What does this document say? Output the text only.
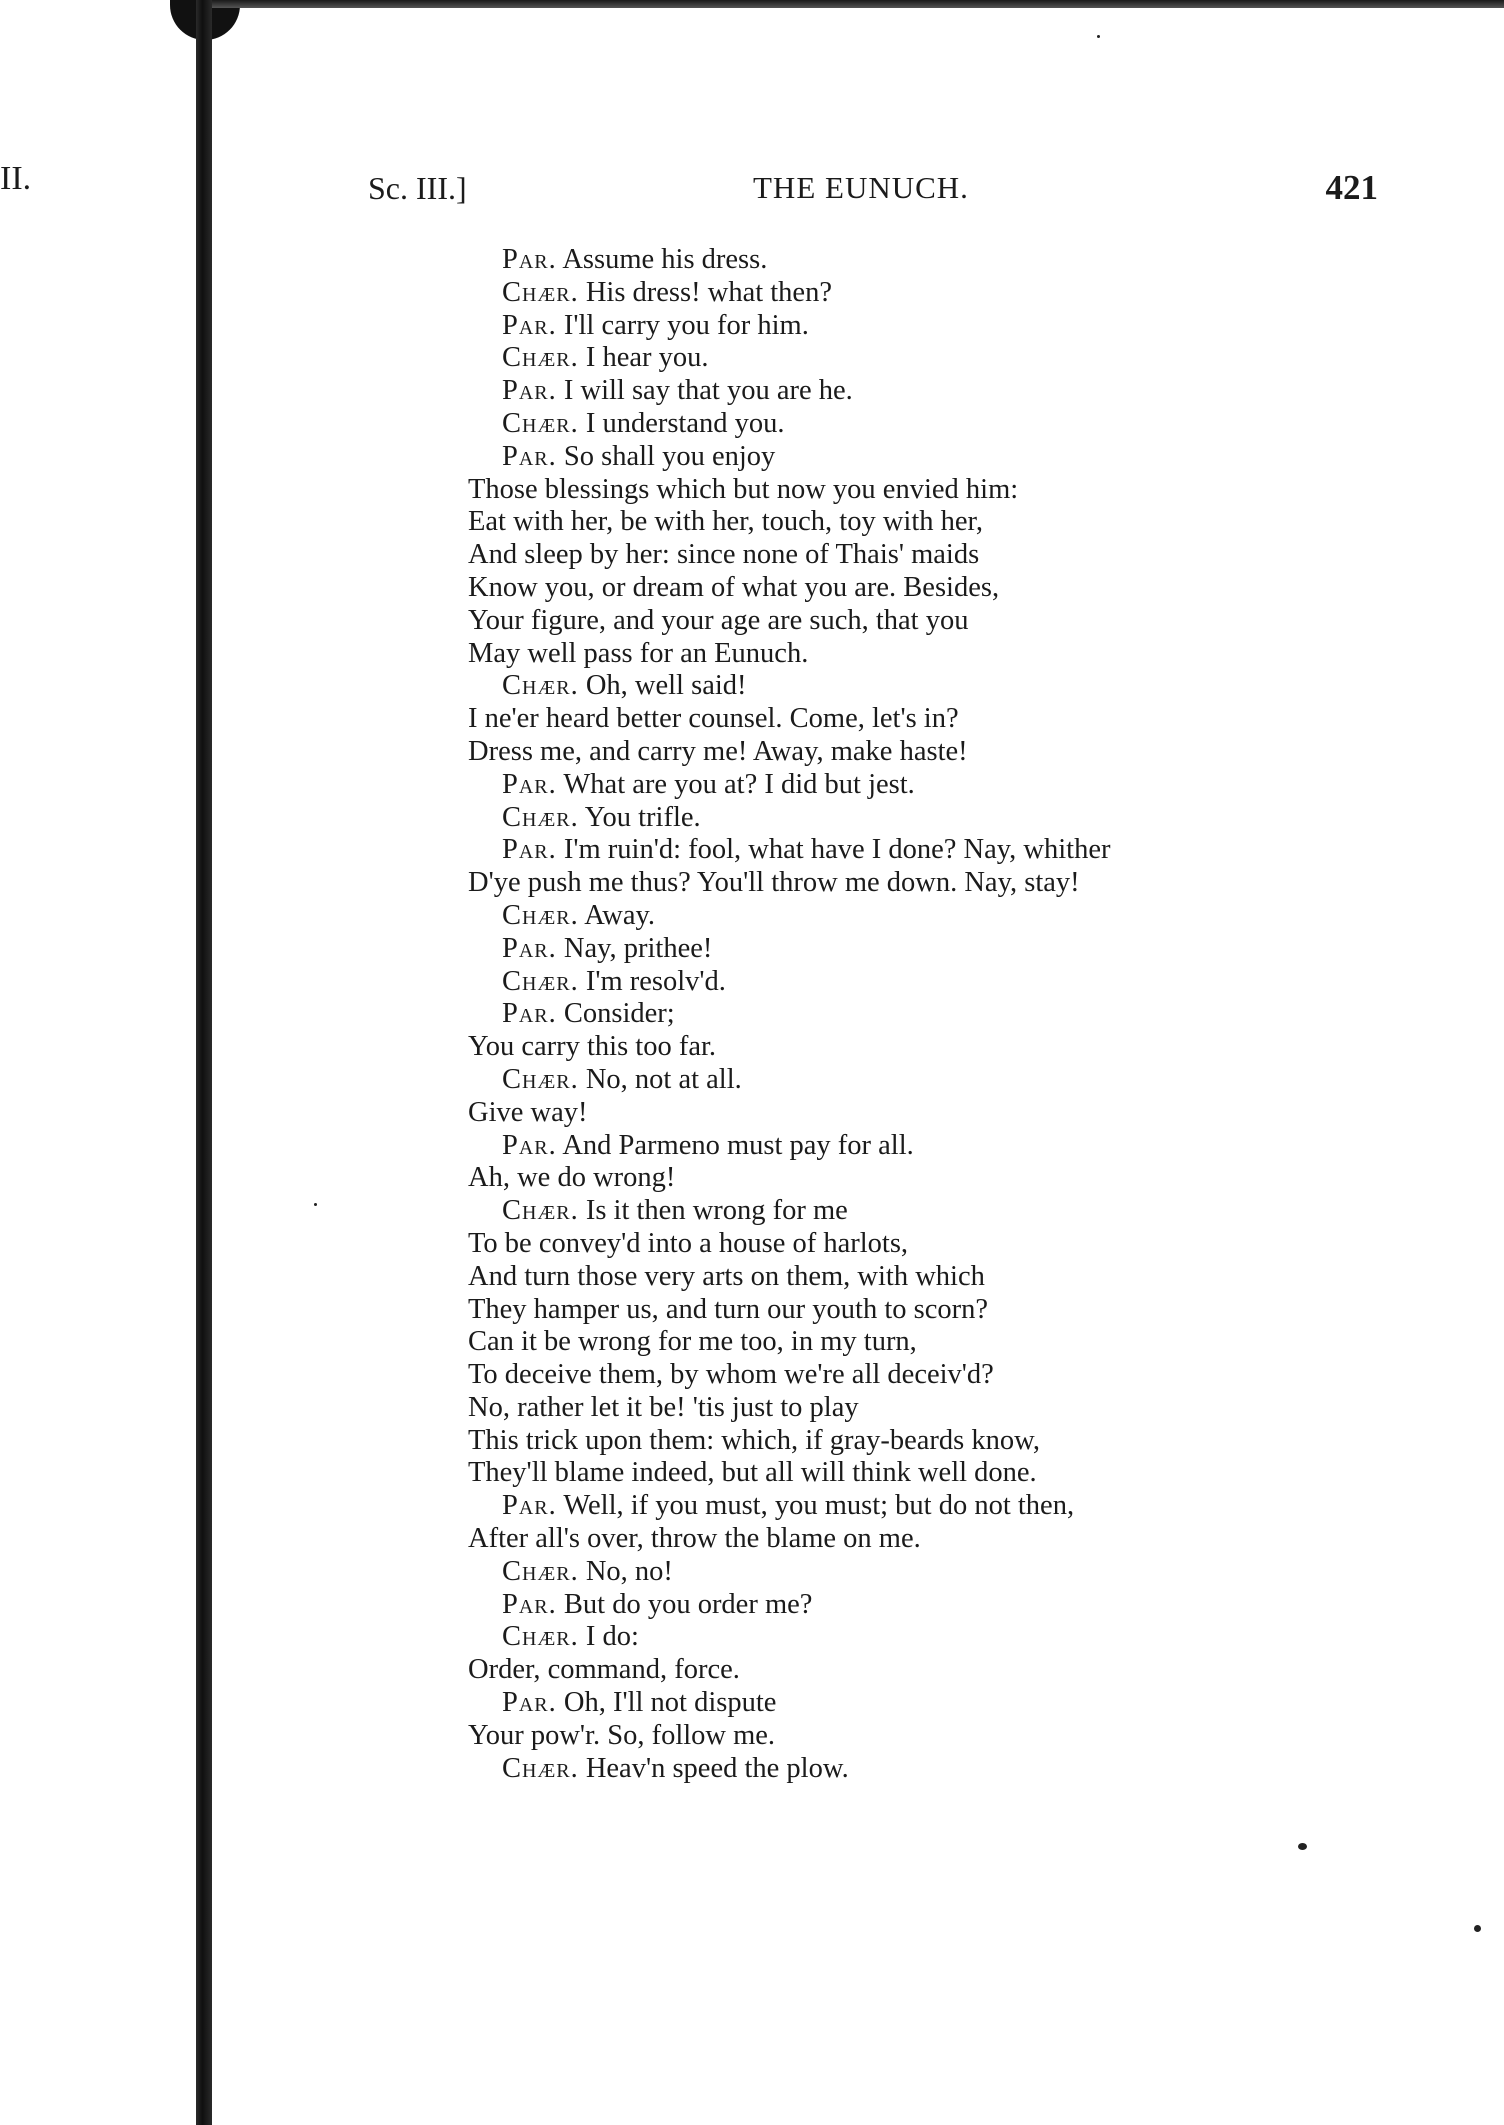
II.	Sc. III.]	THE EUNUCH.	421
Par. Assume his dress.
Chær. His dress! what then?
Par. I'll carry you for him.
Chær. I hear you.
Par. I will say that you are he.
Chær. I understand you.
Par. So shall you enjoy
Those blessings which but now you envied him:
Eat with her, be with her, touch, toy with her,
And sleep by her: since none of Thais' maids
Know you, or dream of what you are. Besides,
Your figure, and your age are such, that you
May well pass for an Eunuch.
Chær. Oh, well said!
I ne'er heard better counsel. Come, let's in?
Dress me, and carry me! Away, make haste!
Par. What are you at? I did but jest.
Chær. You trifle.
Par. I'm ruin'd: fool, what have I done? Nay, whither
D'ye push me thus? You'll throw me down. Nay, stay!
Chær. Away.
Par. Nay, prithee!
Chær. I'm resolv'd.
Par. Consider;
You carry this too far.
Chær. No, not at all.
Give way!
Par. And Parmeno must pay for all.
Ah, we do wrong!
Chær. Is it then wrong for me
To be convey'd into a house of harlots,
And turn those very arts on them, with which
They hamper us, and turn our youth to scorn?
Can it be wrong for me too, in my turn,
To deceive them, by whom we're all deceiv'd?
No, rather let it be! 'tis just to play
This trick upon them: which, if gray-beards know,
They'll blame indeed, but all will think well done.
Par. Well, if you must, you must; but do not then,
After all's over, throw the blame on me.
Chær. No, no!
Par. But do you order me?
Chær. I do:
Order, command, force.
Par. Oh, I'll not dispute
Your pow'r. So, follow me.
Chær. Heav'n speed the plow.
